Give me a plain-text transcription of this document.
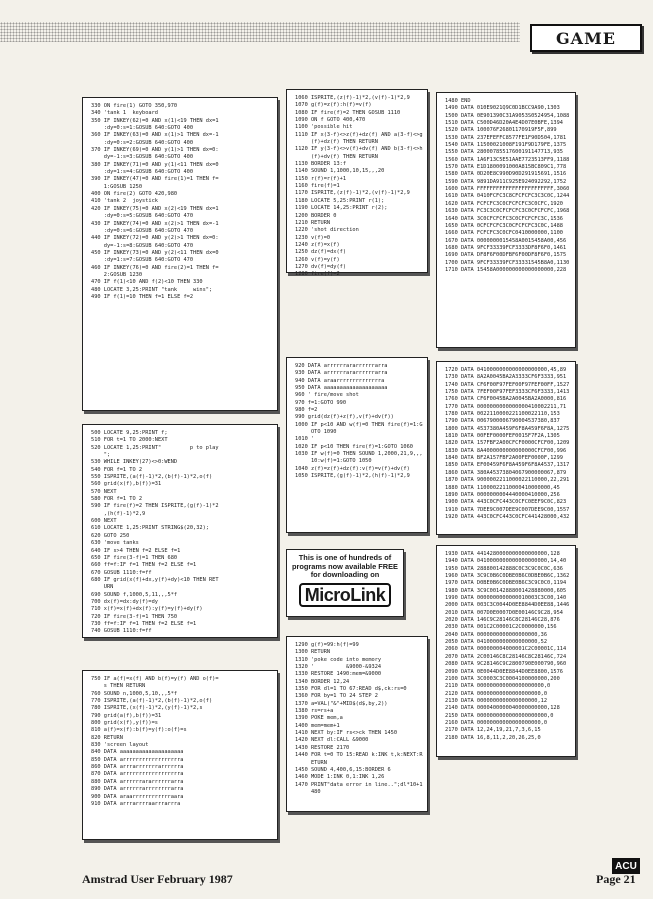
GAME
330 ON fire(1) GOTO 350,970
340 'tank 1  keyboard
350 IF INKEY(62)=0 AND x(1)<19 THEN dx=1
:dy=0:s=1:GOSUB 640:GOTO 400
360 IF INKEY(63)=0 AND x(1)>1 THEN dx=-1
:dy=0:s=2:GOSUB 640:GOTO 400
370 IF INKEY(69)=0 AND y(1)>1 THEN dx=0:
dy=-1:s=3:GOSUB 640:GOTO 400
380 IF INKEY(71)=0 AND y(1)<11 THEN dx=0
:dy=1:s=4:GOSUB 640:GOTO 400
390 IF INKEY(47)=0 AND fire(1)=1 THEN f=
1:GOSUB 1250
400 ON fire(2) GOTO 420,980
410 'tank 2  joystick
420 IF INKEY(75)=0 AND x(2)<19 THEN dx=1
:dy=0:s=5:GOSUB 640:GOTO 470
430 IF INKEY(74)=0 AND x(2)>1 THEN dx=-1
:dy=0:s=6:GOSUB 640:GOTO 470
440 IF INKEY(72)=0 AND y(2)>1 THEN dx=0:
dy=-1:s=8:GOSUB 640:GOTO 470
450 IF INKEY(73)=0 AND y(2)<11 THEN dx=0
:dy=1:s=7:GOSUB 640:GOTO 470
460 IF INKEY(76)=0 AND fire(2)=1 THEN f=
2:GOSUB 1230
470 IF f(1)<10 AND f(2)<10 THEN 330
480 LOCATE 3,25:PRINT "tank     wins";
490 IF f(1)=10 THEN f=1 ELSE f=2
1060 ISPRITE,(z(f)-1)*2,(v(f)-1)*2,9
1070 g(f)=z(f):h(f)=v(f)
1080 IF fire(f)=2 THEN GOSUB 1110
1090 ON f GOTO 400,470
1100 'possible hit
1110 IF x(3-f)<>z(f)+dz(f) AND a(3-f)<>g
(f)+dz(f) THEN RETURN
1120 IF y(3-f)<>v(f)+dv(f) AND b(3-f)<>h
(f)+dv(f) THEN RETURN
1130 BORDER 13:f
1140 SOUND 1,1000,10,15,,,20
1150 r(f)=r(f)+1
1160 fire(f)=1
1170 ISPRITE,(z(f)-1)*2,(v(f)-1)*2,9
1180 LOCATE 5,25:PRINT r(1);
1190 LOCATE 14,25:PRINT r(2);
1200 BORDER 0
1210 RETURN
1220 'shot direction
1230 v(f)=0
1240 z(f)=x(f)
1250 dz(f)=dx(f)
1260 v(f)=y(f)
1270 dv(f)=dy(f)
1280 fire(f)=2
1480 END
1490 DATA 010E9021Q9C0D1BCC9A90,1303
1500 DATA 0E901390C31A9053S0524954,1088
1510 DATA C500D46D20A4E4D07E0BFE,1394
1520 DATA 100076F26801170919F5F,899
1530 DATA 237EFEFFC8577FE1F90D504,1781
1540 DATA 11500021008F191F9D179FE,1375
1550 DATA 28000785517600191147713,935
1560 DATA 1A6F13C5E51AAE7723513FF9,1188
1570 DATA E1D1800091000A815BC809C1,778
1580 DATA 0D20E8C990D90D291915691,1516
1590 DATA 9891DA911C925E924092292,1752
1600 DATA FFFFFFFFFFFFFFFFFFFFFFFF,3060
1610 DATA 0410FCFC3C8CFCFCFC3C3C0C,1244
1620 DATA FCFCFC3C0CFCFCFC3C0CFC,1920
1630 DATA FC3C3C0CFCFCFC3C0CFCFCFC,1968
1640 DATA 3C0CFCFCFC3C0CFCFCFC3C,1536
1650 DATA 0CFCFCFC3C0CFCFCFC3C0C,1488
1660 DATA FCFCFC3C0CFC0410000000,1100
1670 DATA 0000000015458A0015458A00,456
1680 DATA 9FCF33339FCF3333DF8F6F0,1461
1690 DATA DF8F6F00DFBF6F00DF8F6F0,1575
1700 DATA 9FCF33339FCF33331545B8A0,1130
1710 DATA 15458A000000000000000000,228
920 DATA arrrrrrararrrrrrarra
930 DATA arrrrrrararrrrrrarra
940 DATA araarrrrrrrrrrrrrra
950 DATA aaaaaaaaaaaaaaaaaaaa
960 ' fire/move shot
970 f=1:GOTO 990
980 f=2
990 grid(dz(f)+z(f),v(f)+dv(f))
1000 IF p<10 AND w(f)=0 THEN fire(f)=1:G
OTO 1090
1010 '
1020 IF p<10 THEN fire(f)=1:GOTO 1060
1030 IF w(f)=0 THEN SOUND 1,2000,21,9,,,
10:w(f)=1:GOTO 1050
1040 z(f)=z(f)+dz(f):v(f)=v(f)+dv(f)
1050 ISPRITE,(g(f)-1)*2,(h(f)-1)*2,9
1720 DATA 0410000000000000000000,45,89
1730 DATA 8A2A0045BA2A3333CF6F3333,951
1740 DATA CF6F00F97FEF00F97FEF00FF,1527
1750 DATA 7FEF00F97FEF3333CF6F3333,1413
1760 DATA CF6F0045BA2A0045BA2A0000,816
1770 DATA 0000000000000000410002211,71
1780 DATA 0022110000221100022110,153
1790 DATA 0067900006790004537380,837
1800 DATA 4537380A459F6F8A459F6F8A,1275
1810 DATA 00FEF0000FEF0015F7F2A,1305
1820 DATA 157FBF2A00CFCF0000CFCF00,1209
1830 DATA 8A4000000000000000CFCF00,996
1840 DATA BF2A157FBF2A00FEF0000F,1299
1850 DATA EF00459F6F8A459F6F8A4537,1317
1860 DATA 380A45373804067900000067,879
1870 DATA 9000002211000022110000,22,291
1880 DATA 11000022110000410000000,45
1890 DATA 0000000004440000410000,256
1900 DATA 443C0CFC443C0CFC0EEF9C0C,823
1910 DATA 7DEE9C007DEE9C007DEE9C00,1557
1920 DATA 443C0CFC443C0CFC441428000,432
500 LOCATE 9,25:PRINT f;
510 FOR t=1 TO 2000:NEXT
520 LOCATE 1,25:PRINT"         p to play
";
530 WHILE INKEY(27)<>0:WEND
540 FOR f=1 TO 2
550 ISPRITE,(a(f)-1)*2,(b(f)-1)*2,o(f)
560 grid(x(f),b(f))=31
570 NEXT
580 FOR f=1 TO 2
590 IF fire(f)=2 THEN ISPRITE,(g(f)-1)*2
,(h(f)-1)*2,9
600 NEXT
610 LOCATE 1,25:PRINT STRING$(20,32);
620 GOTO 250
630 'move tanks
640 IF s>4 THEN f=2 ELSE f=1
650 IF fire(3-f)=1 THEN 680
660 ff=f:IF f=1 THEN f=2 ELSE f=1
670 GOSUB 1110:f=ff
680 IF grid(x(f)+dx,y(f)+dy)<10 THEN RET
URN
690 SOUND f,1000,5,11,,,5*f
700 dx(f)=dx:dy(f)=dy
710 x(f)=x(f)+dx(f):y(f)=y(f)+dy(f)
720 IF fire(3-f)=1 THEN 750
730 ff=f:IF f=1 THEN f=2 ELSE f=1
740 GOSUB 1110:f=ff
This is one of hundreds of programs now available FREE for downloading on
MicroLink
1290 g(f)=99:h(f)=99
1300 RETURN
1310 'poke code into memory
1320 '          &9000-&9324
1330 RESTORE 1490:mem=&9000
1340 BORDER 12,24
1350 FOR dl=1 TO 67:READ d$,ck:rs=0
1360 FOR by=1 TO 24 STEP 2
1370 a=VAL("&"+MID$(d$,by,2))
1380 rs=rs+a
1390 POKE mem,a
1400 mem=mem+1
1410 NEXT by:IF rs<>ck THEN 1450
1420 NEXT dl:CALL &9000
1430 RESTORE 2170
1440 FOR t=0 TO 15:READ k:INK t,k:NEXT:R
ETURN
1450 SOUND 4,400,6,15:BORDER 6
1460 MODE 1:INK 0,1:INK 1,26
1470 PRINT"data error in line..";dl*10+1
480
1930 DATA 4414280000000000000000,128
1940 DATA 0410000000000000000000,14,40
1950 DATA 288800142888C0C3C9C0C0C,636
1960 DATA 3C9C0B6C0DBE0B6C0DBE0B6C,1362
1970 DATA D0BE0B6C0DBE0B6C3C9C0C0,1194
1980 DATA 3C9C00142888001428880000,605
1990 DATA 0000000000000010003C3C00,140
2000 DATA 003C3C0044D0EE8844D0EE88,1446
2010 DATA 007D0E0007D0E00146C9C28,954
2020 DATA 146C9C28146C8C28146C28,876
2030 DATA 001C2C00001C2C0000000,156
2040 DATA 0000000000000000000,36
2050 DATA 0410000000000000000,52
2060 DATA 000000004000001C2C00001C,114
2070 DATA 2C00146C8C28146C8C28146C,724
2080 DATA 9C28146C9C2800790E000790,960
2090 DATA 0E0044D0EE8844D0EE8800,1576
2100 DATA 3C0003C3C0004100000000,200
2110 DATA 000000000000000000000,0
2120 DATA 00000000000000000000,0
2130 DATA 0000000000000000000,12
2140 DATA 0000400000040000000000,128
2150 DATA 0000000000000000000000,0
2160 DATA 00000000000000000000,0
2170 DATA 12,24,19,21,7,3,6,15
2180 DATA 16,8,11,2,20,26,25,0
750 IF a(f)=x(f) AND b(f)=y(f) AND o(f)=
s THEN RETURN
760 SOUND n,1000,5,10,,,5*f
770 ISPRITE,(a(f)-1)*2,(b(f)-1)*2,o(f)
780 ISPRITE,(x(f)-1)*2,(y(f)-1)*2,s
790 grid(a(f),b(f))=31
800 grid(x(f),y(f))=s
810 a(f)=x(f):b(f)=y(f):o(f)=s
820 RETURN
830 'screen layout
840 DATA aaaaaaaaaaaaaaaaaaaa
850 DATA arrrrrrrrrrrrrrrrrra
860 DATA arrrarrrrrrrarrrrrra
870 DATA arrrrrrrrrrrrrrrrrra
880 DATA arrrrrrararrrrrrarra
890 DATA arrrrrrarrrrrrrrarra
900 DATA araarrrrrrrrrrrraara
910 DATA arrrarrrraarrrarrra
ACU
Amstrad User February 1987	Page 21
